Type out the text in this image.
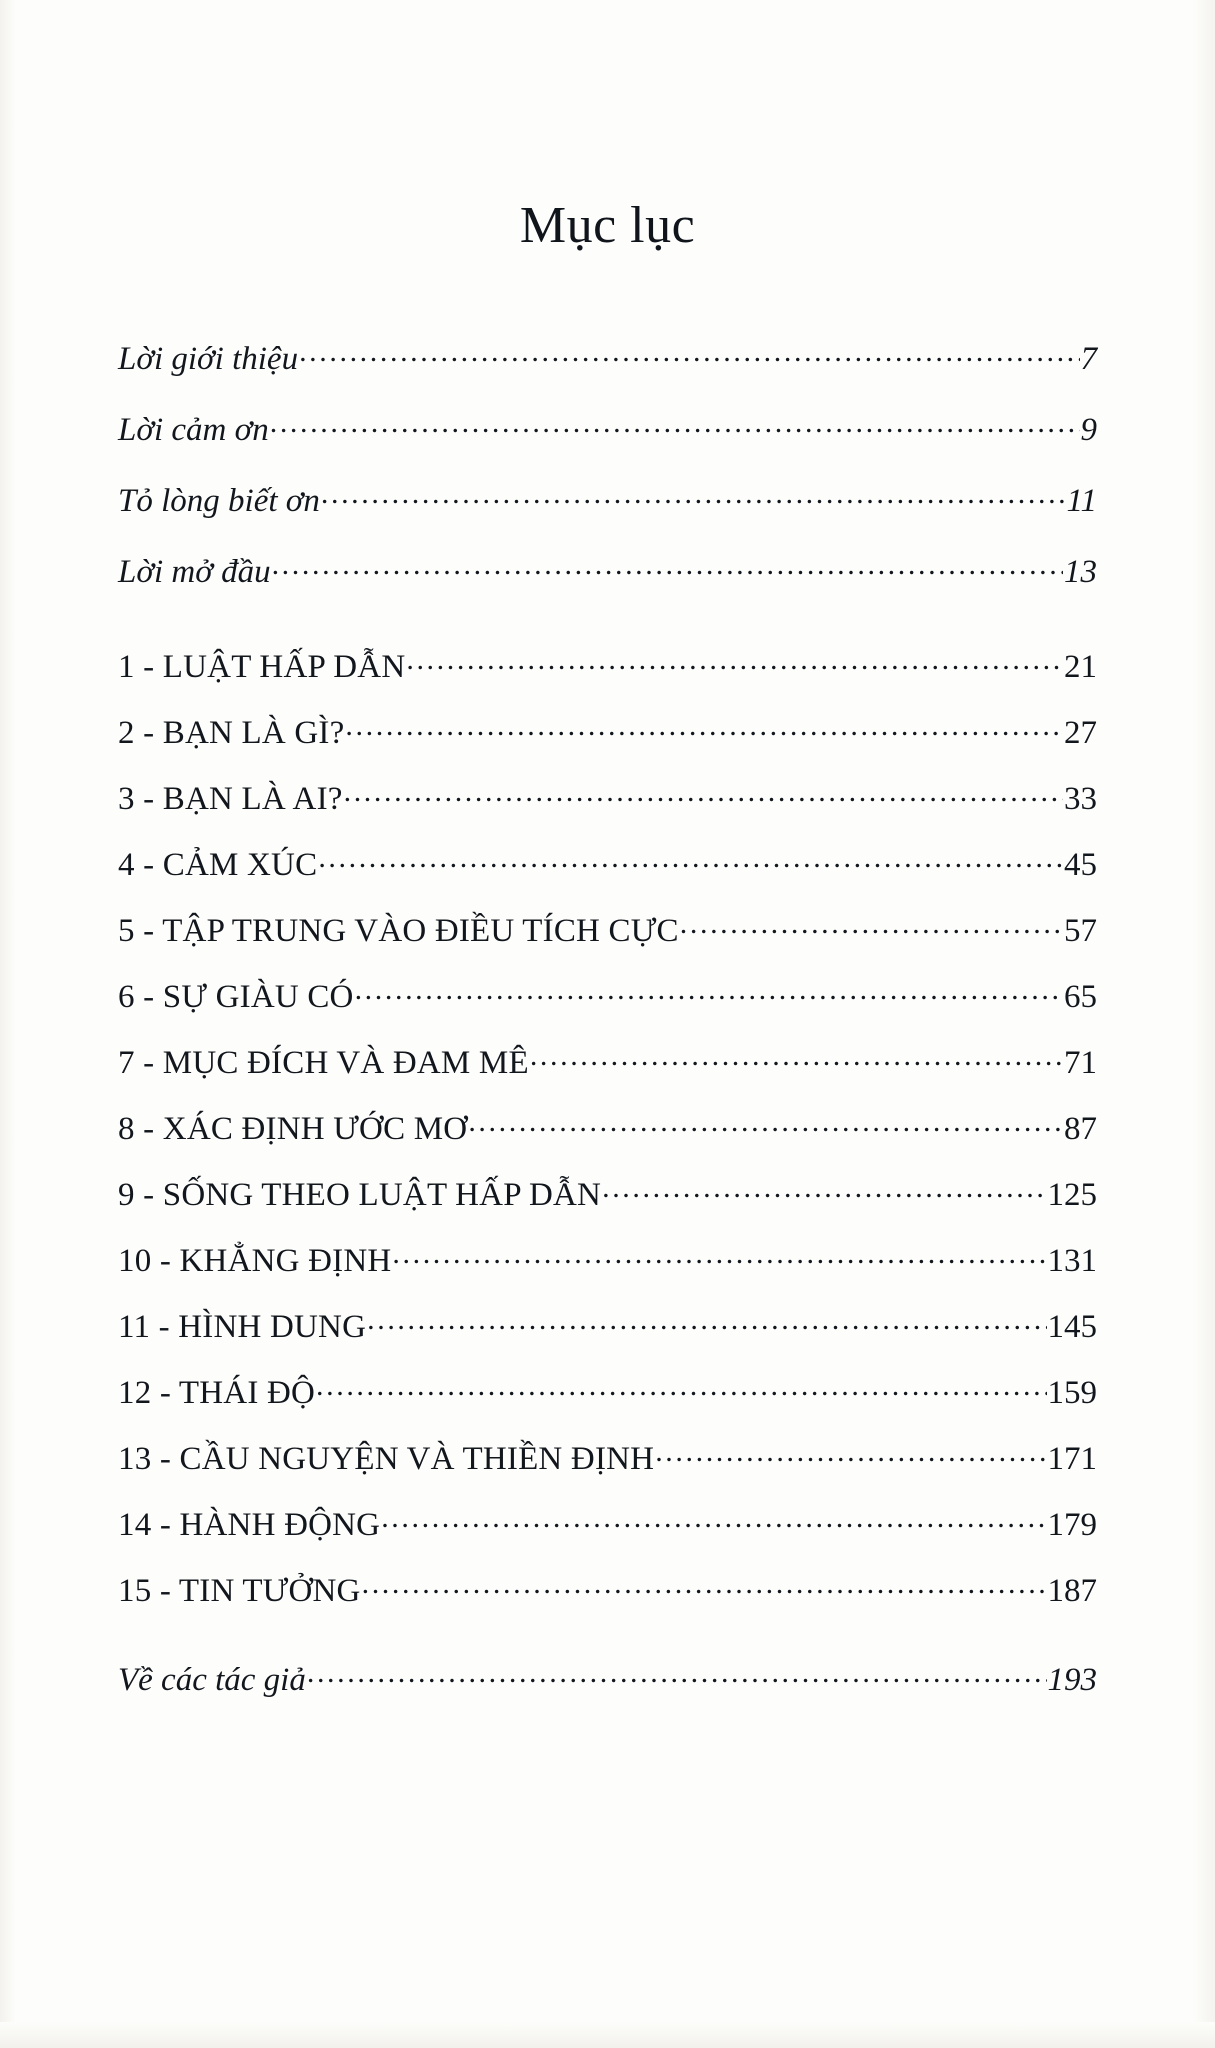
Mục lục
Lời giới thiệu .....	7
Lời cảm ơn .....	9
Tỏ lòng biết ơn .....	11
Lời mở đầu .....	13
1 - LUẬT HẤP DẪN .....	21
2 - BẠN LÀ GÌ? .....	27
3 - BẠN LÀ AI? .....	33
4 - CẢM XÚC .....	45
5 - TẬP TRUNG VÀO ĐIỀU TÍCH CỰC .....	57
6 - SỰ GIÀU CÓ .....	65
7 - MỤC ĐÍCH VÀ ĐAM MÊ .....	71
8 - XÁC ĐỊNH ƯỚC MƠ .....	87
9 - SỐNG THEO LUẬT HẤP DẪN .....	125
10 - KHẲNG ĐỊNH .....	131
11 - HÌNH DUNG .....	145
12 - THÁI ĐỘ .....	159
13 - CẦU NGUYỆN VÀ THIỀN ĐỊNH .....	171
14 - HÀNH ĐỘNG .....	179
15 - TIN TƯỞNG .....	187
Về các tác giả .....	193
